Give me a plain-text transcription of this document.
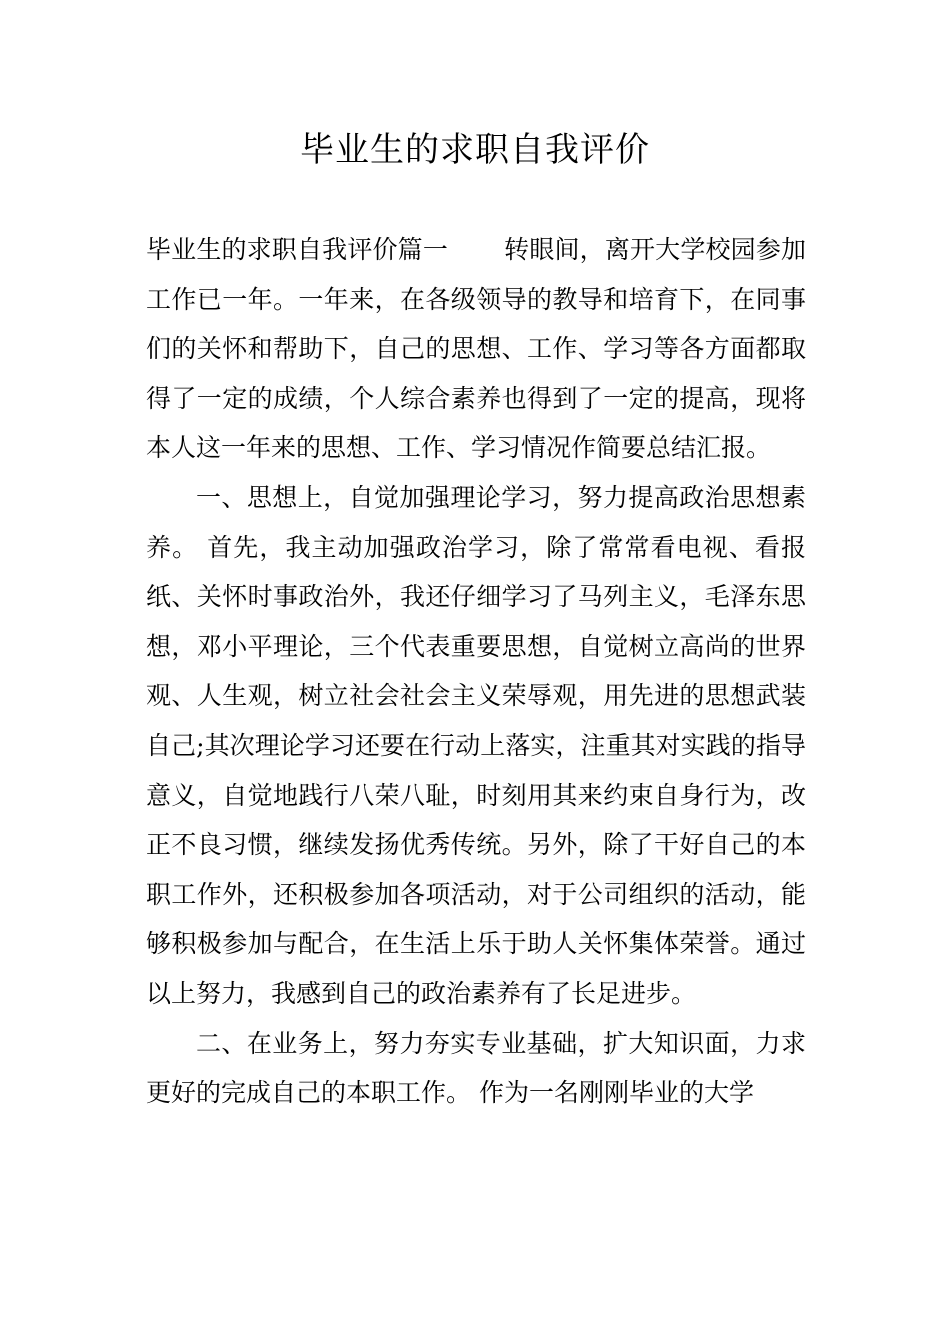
毕业生的求职自我评价

毕业生的求职自我评价篇一 转眼间，离开大学校园参加工作已一年。一年来，在各级领导的教导和培育下，在同事们的关怀和帮助下，自己的思想、工作、学习等各方面都取得了一定的成绩，个人综合素养也得到了一定的提高，现将本人这一年来的思想、工作、学习情况作简要总结汇报。

一、思想上，自觉加强理论学习，努力提高政治思想素养。 首先，我主动加强政治学习，除了常常看电视、看报纸、关怀时事政治外，我还仔细学习了马列主义，毛泽东思想，邓小平理论，三个代表重要思想，自觉树立高尚的世界观、人生观，树立社会社会主义荣辱观，用先进的思想武装自己;其次理论学习还要在行动上落实，注重其对实践的指导意义，自觉地践行八荣八耻，时刻用其来约束自身行为，改正不良习惯，继续发扬优秀传统。另外，除了干好自己的本职工作外，还积极参加各项活动，对于公司组织的活动，能够积极参加与配合，在生活上乐于助人关怀集体荣誉。通过以上努力，我感到自己的政治素养有了长足进步。

二、在业务上，努力夯实专业基础，扩大知识面，力求更好的完成自己的本职工作。 作为一名刚刚毕业的大学
